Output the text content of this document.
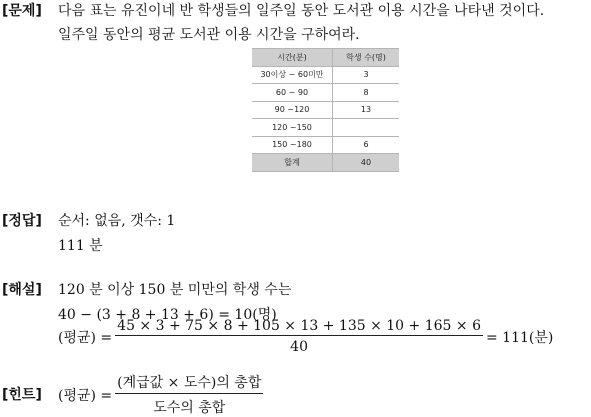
[문제] 다음 표는 유진이네 반 학생들의 일주일 동안 도서관 이용 시간을 나타낸 것이다.
일주일 동안의 평균 도서관 이용 시간을 구하여라.
시간(분)	학생 수(명)
30이상 ~ 60미만	3
60 ~ 90	8
90 ~120	13
120 ~150	
150 ~180	6
합계	40
[정답] 순서: 없음, 갯수: 1
111 분
[해설] 120 분 이상 150 분 미만의 학생 수는
40 − (3 + 8 + 13 + 6) = 10(명)
(평균) = $\frac{45 \times 3 + 75 \times 8 + 105 \times 13 + 135 \times 10 + 165 \times 6}{40} = 111$(분)
[힌트] (평균) = $\frac{\text{(계급값 × 도수)의 총합}}{\text{도수의 총합}}$
